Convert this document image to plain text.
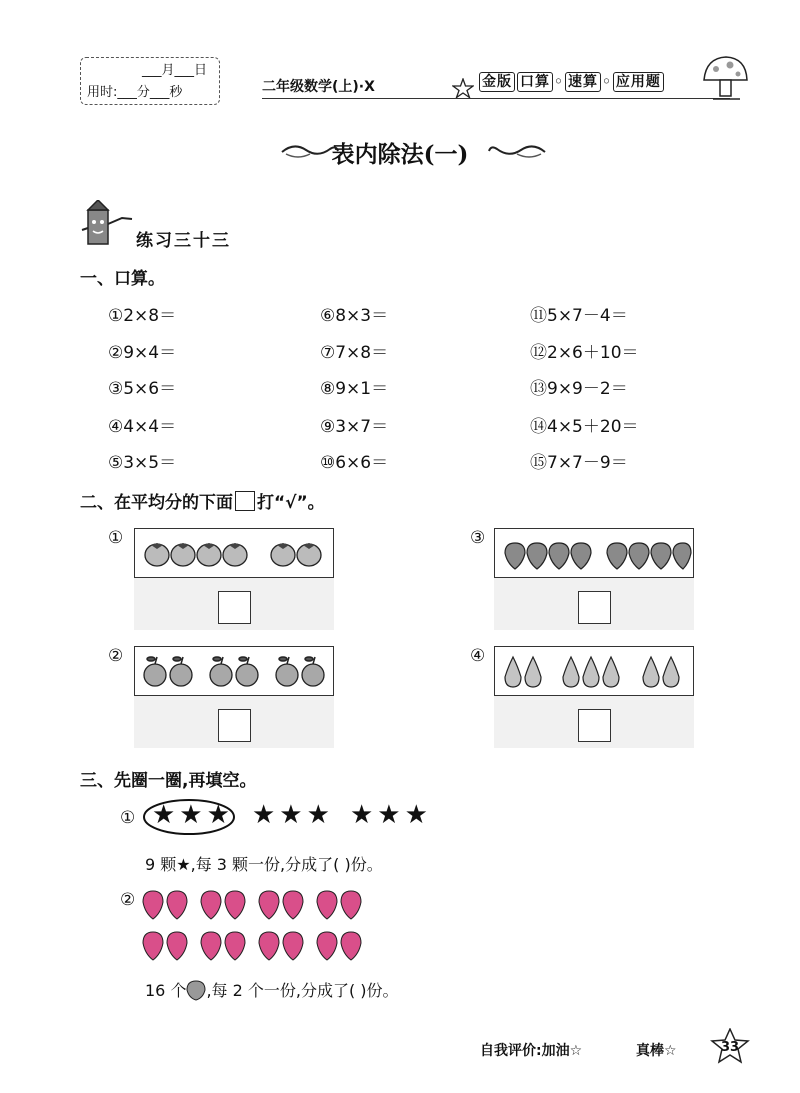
___月___日
用时:___分___秒	二年级数学(上)·X	金版 口算 ◦ 速算 ◦ 应用题
表内除法(一)
练习三十三
一、口算。
①2×8＝
②9×4＝
③5×6＝
④4×4＝
⑤3×5＝
⑥8×3＝
⑦7×8＝
⑧9×1＝
⑨3×7＝
⑩6×6＝
⑪5×7－4＝
⑫2×6＋10＝
⑬9×9－2＝
⑭4×5＋20＝
⑮7×7－9＝
二、在平均分的下面 打“√”。
①	③
②	④
三、先圈一圈,再填空。
① ★★★ ★★★ ★★★
9 颗★,每 3 颗一份,分成了( )份。
②
16 个 ,每 2 个一份,分成了( )份。
自我评价:加油☆	真棒☆	33
